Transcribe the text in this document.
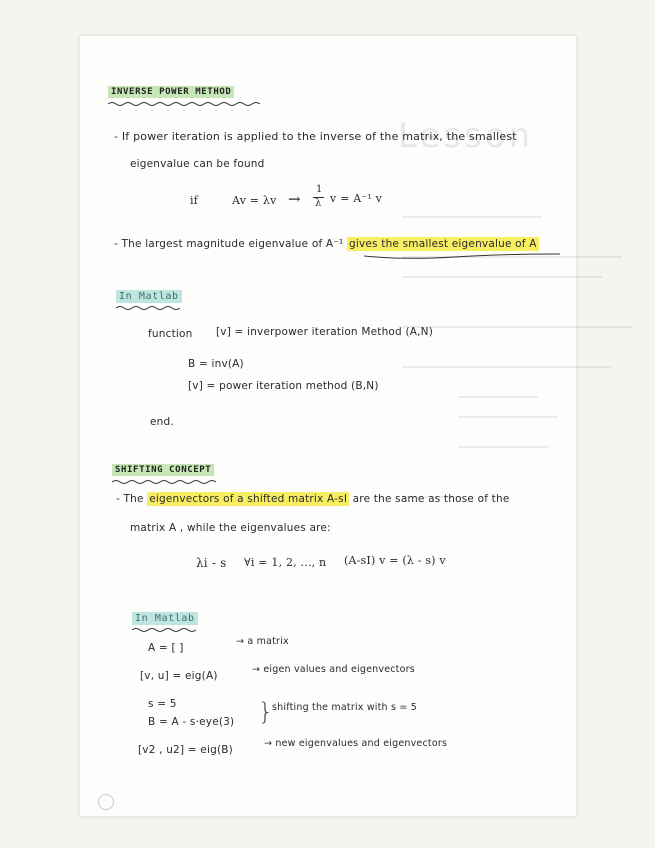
Lesson
INVERSE POWER METHOD
- If power iteration is applied to the inverse of the matrix, the smallest
eigenvalue can be found
if	Av = λv →
1
λ v = A⁻¹ v
- The largest magnitude eigenvalue of A⁻¹ gives the smallest eigenvalue of A
In Matlab
function [v] = inverpower iteration Method (A,N)
B = inv(A)
[v] = power iteration method (B,N)
end.
SHIFTING CONCEPT
- The eigenvectors of a shifted matrix A-sI are the same as those of the
matrix A , while the eigenvalues are:
λi - s ∀i = 1, 2, ..., n (A-sI) v = (λ - s) v
In Matlab
A = [ ]
→ a matrix
[v, u] = eig(A)
→ eigen values and eigenvectors
s = 5
B = A - s·eye(3) }
shifting the matrix with s = 5
[v2 , u2] = eig(B)
→ new eigenvalues and eigenvectors
